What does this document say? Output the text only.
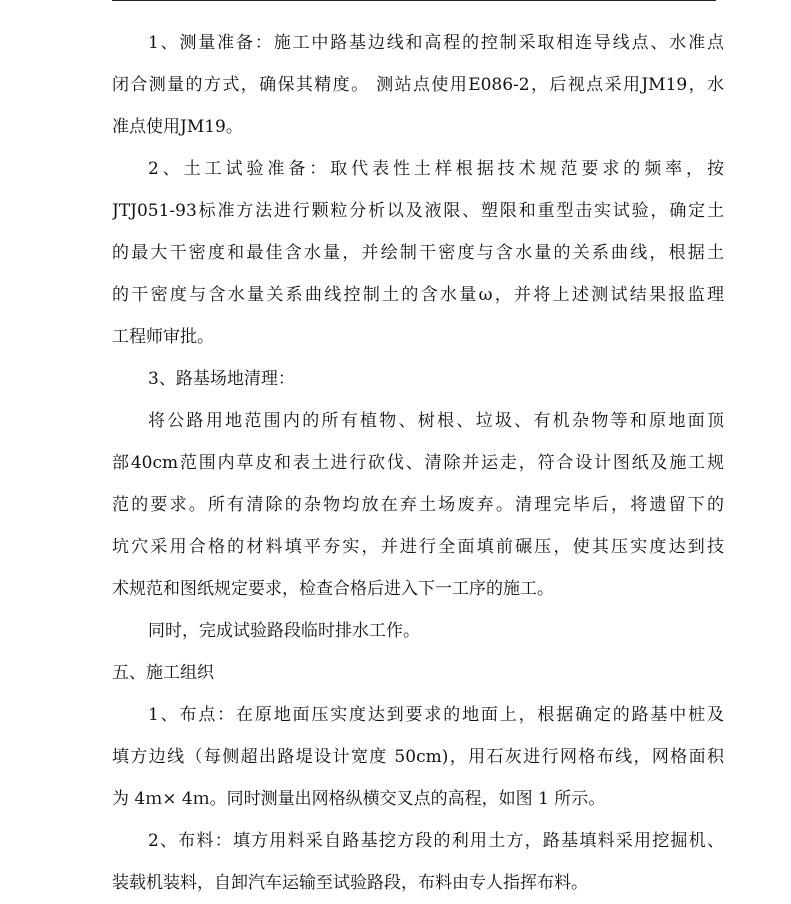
1、测量准备：施工中路基边线和高程的控制采取相连导线点、水准点
闭合测量的方式，确保其精度。 测站点使用E086-2，后视点采用JM19，水
准点使用JM19。
2、土工试验准备：取代表性土样根据技术规范要求的频率，按
JTJ051-93标准方法进行颗粒分析以及液限、塑限和重型击实试验，确定土
的最大干密度和最佳含水量，并绘制干密度与含水量的关系曲线，根据土
的干密度与含水量关系曲线控制土的含水量ω，并将上述测试结果报监理
工程师审批。
3、路基场地清理：
将公路用地范围内的所有植物、树根、垃圾、有机杂物等和原地面顶
部40cm范围内草皮和表土进行砍伐、清除并运走，符合设计图纸及施工规
范的要求。所有清除的杂物均放在弃土场废弃。清理完毕后，将遗留下的
坑穴采用合格的材料填平夯实，并进行全面填前碾压，使其压实度达到技
术规范和图纸规定要求，检查合格后进入下一工序的施工。
同时，完成试验路段临时排水工作。
五、施工组织
1、布点：在原地面压实度达到要求的地面上，根据确定的路基中桩及
填方边线（每侧超出路堤设计宽度 50cm)，用石灰进行网格布线，网格面积
为 4ｍ× 4ｍ。同时测量出网格纵横交叉点的高程，如图 1 所示。
2、布料：填方用料采自路基挖方段的利用土方，路基填料采用挖掘机、
装载机装料，自卸汽车运输至试验路段，布料由专人指挥布料。
